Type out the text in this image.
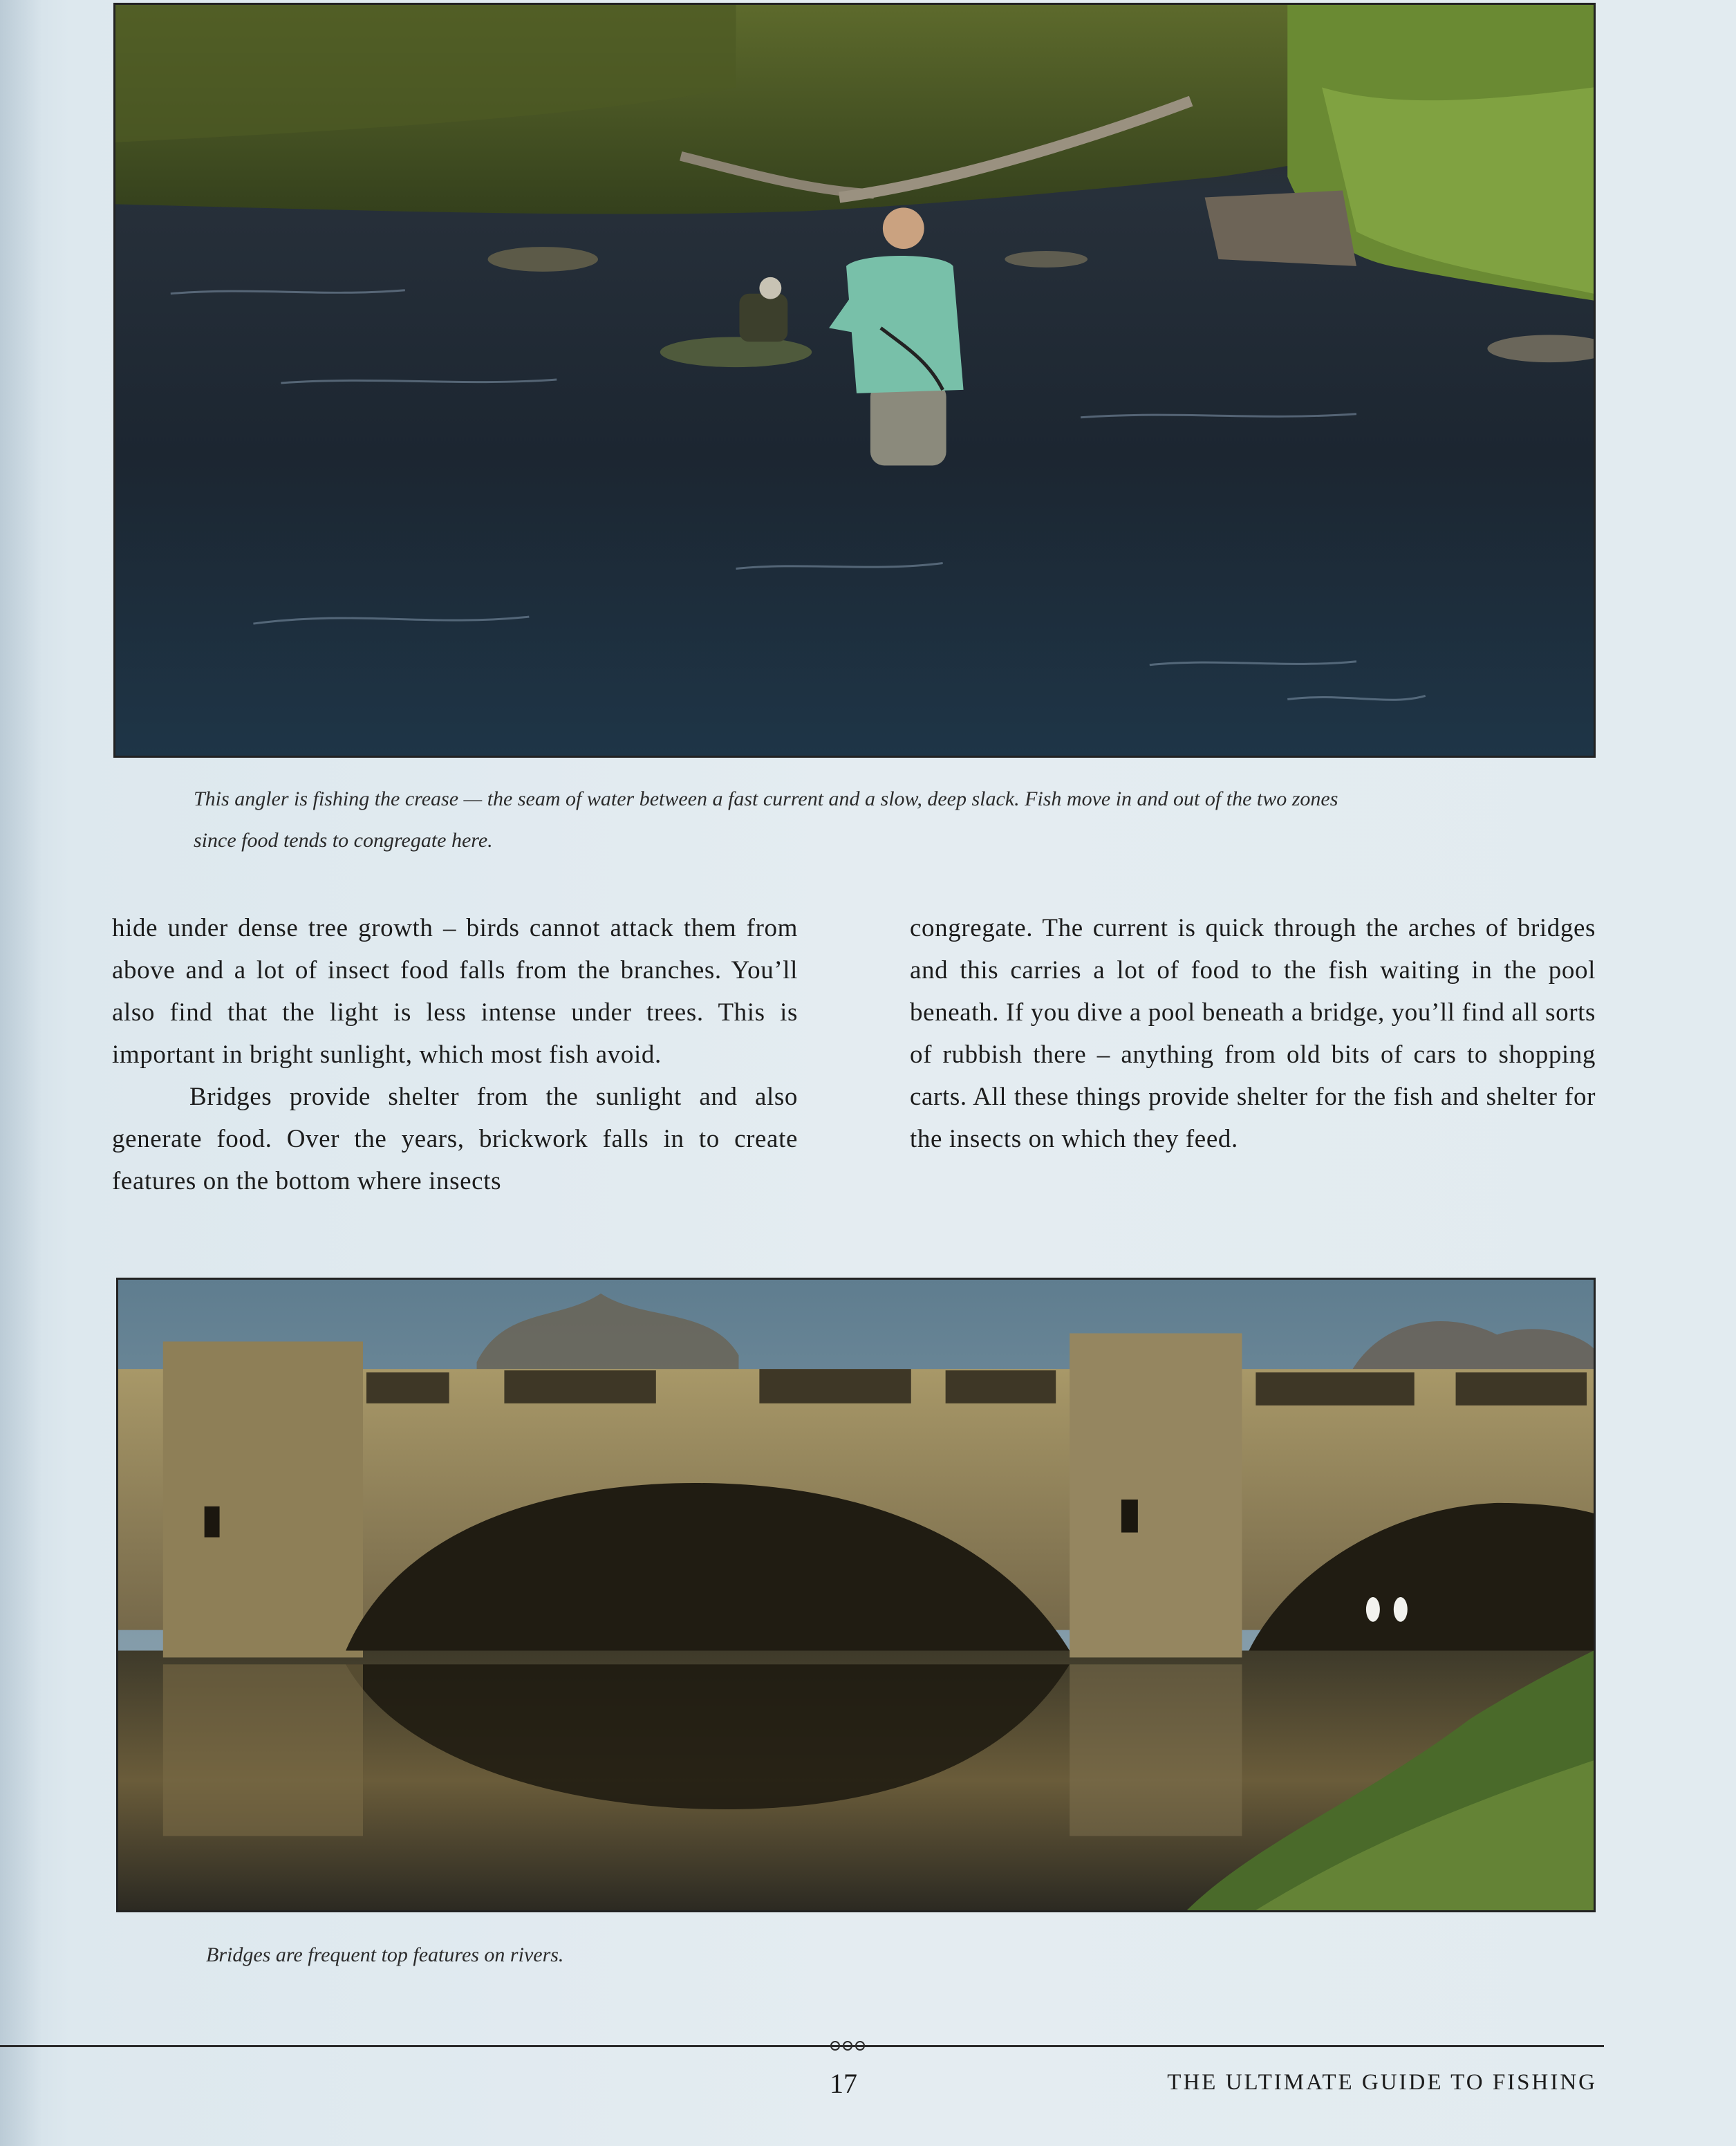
This angler is fishing the crease — the seam of water between a fast current and a slow, deep slack. Fish move in and out of the two zones
since food tends to congregate here.

hide under dense tree growth – birds cannot attack them from above and a lot of insect food falls from the branches. You’ll also find that the light is less intense under trees. This is important in bright sunlight, which most fish avoid.

Bridges provide shelter from the sunlight and also generate food. Over the years, brickwork falls in to create features on the bottom where insects

congregate. The current is quick through the arches of bridges and this carries a lot of food to the fish waiting in the pool beneath. If you dive a pool beneath a bridge, you’ll find all sorts of rubbish there – anything from old bits of cars to shopping carts. All these things provide shelter for the fish and shelter for the insects on which they feed.

Bridges are frequent top features on rivers.
17	THE ULTIMATE GUIDE TO FISHING
